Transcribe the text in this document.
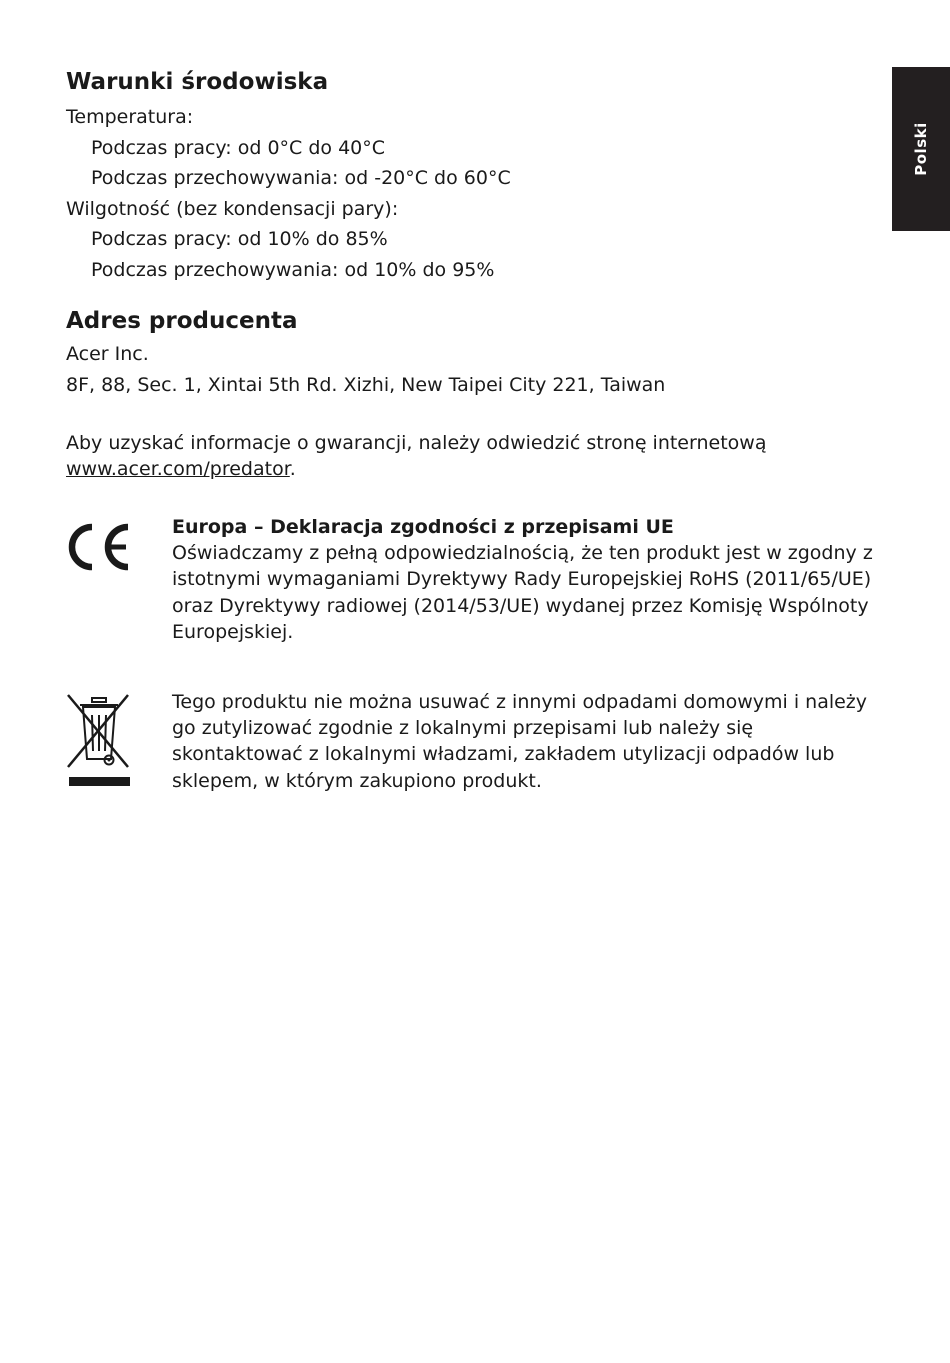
Polski
Warunki środowiska
Temperatura:
Podczas pracy: od 0°C do 40°C
Podczas przechowywania: od -20°C do 60°C
Wilgotność (bez kondensacji pary):
Podczas pracy: od 10% do 85%
Podczas przechowywania: od 10% do 95%
Adres producenta
Acer Inc.
8F, 88, Sec. 1, Xintai 5th Rd. Xizhi, New Taipei City 221, Taiwan

Aby uzyskać informacje o gwarancji, należy odwiedzić stronę internetową www.acer.com/predator.

Europa – Deklaracja zgodności z przepisami UE
Oświadczamy z pełną odpowiedzialnością, że ten produkt jest w zgodny z istotnymi wymaganiami Dyrektywy Rady Europejskiej RoHS (2011/65/UE) oraz Dyrektywy radiowej (2014/53/UE) wydanej przez Komisję Wspólnoty Europejskiej.
Tego produktu nie można usuwać z innymi odpadami domowymi i należy go zutylizować zgodnie z lokalnymi przepisami lub należy się skontaktować z lokalnymi władzami, zakładem utylizacji odpadów lub sklepem, w którym zakupiono produkt.
